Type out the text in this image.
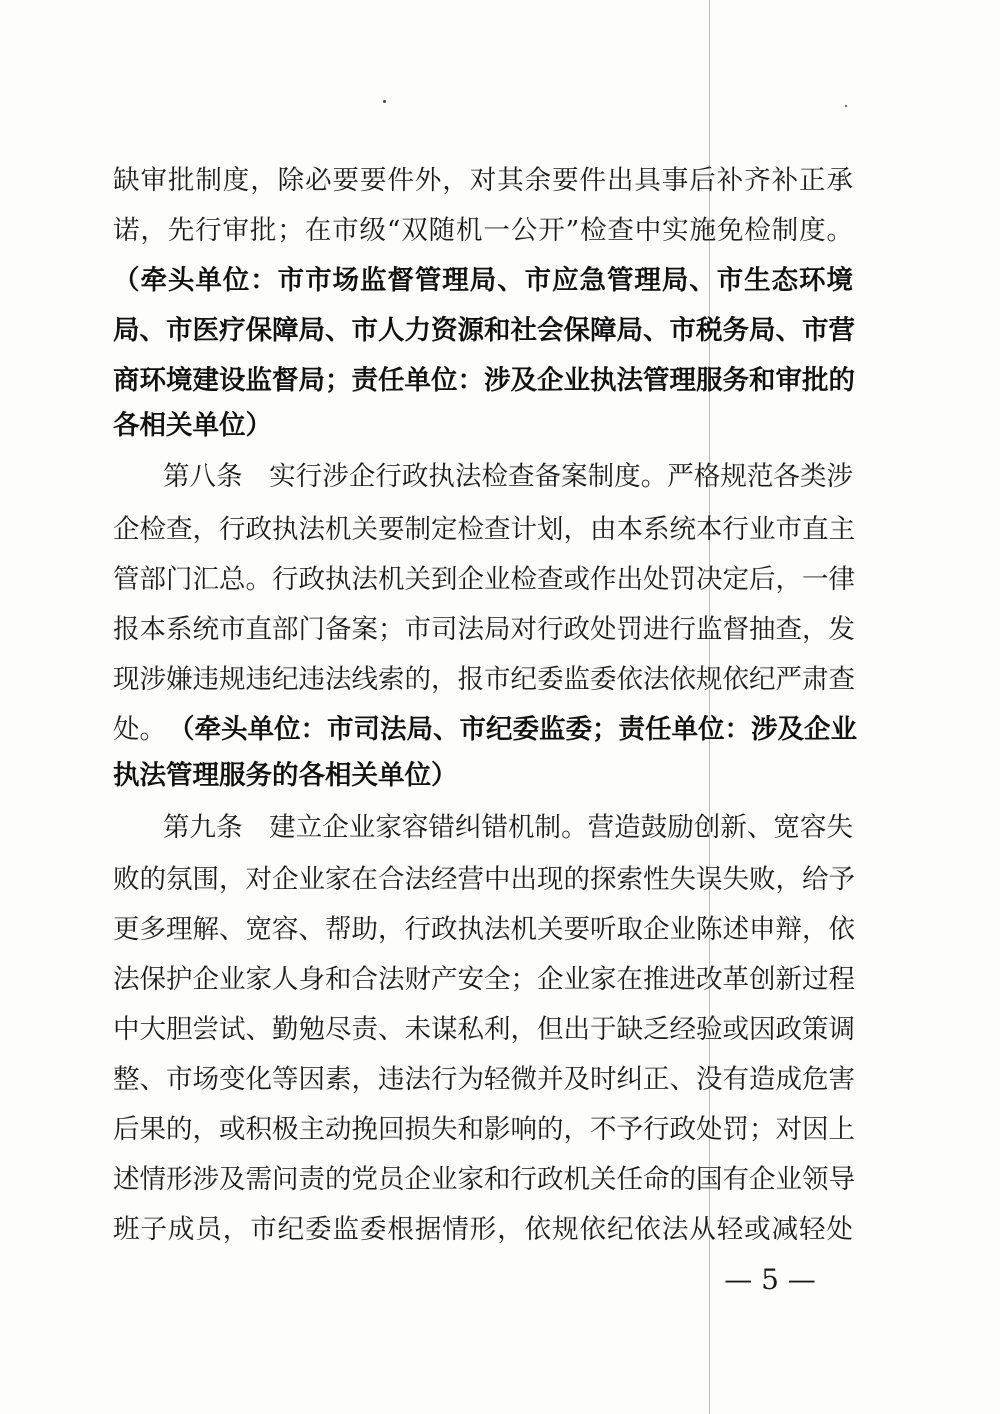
缺审批制度，除必要要件外，对其余要件出具事后补齐补正承
诺，先行审批；在市级“双随机一公开”检查中实施免检制度。
（牵头单位：市市场监督管理局、市应急管理局、市生态环境
局、市医疗保障局、市人力资源和社会保障局、市税务局、市营
商环境建设监督局；责任单位：涉及企业执法管理服务和审批的
各相关单位）
第八条　实行涉企行政执法检查备案制度。严格规范各类涉
企检查，行政执法机关要制定检查计划，由本系统本行业市直主
管部门汇总。行政执法机关到企业检查或作出处罚决定后，一律
报本系统市直部门备案；市司法局对行政处罚进行监督抽查，发
现涉嫌违规违纪违法线索的，报市纪委监委依法依规依纪严肃查
处。 （牵头单位：市司法局、市纪委监委；责任单位：涉及企业
执法管理服务的各相关单位）
第九条　建立企业家容错纠错机制。营造鼓励创新、宽容失
败的氛围，对企业家在合法经营中出现的探索性失误失败，给予
更多理解、宽容、帮助，行政执法机关要听取企业陈述申辩，依
法保护企业家人身和合法财产安全；企业家在推进改革创新过程
中大胆尝试、勤勉尽责、未谋私利，但出于缺乏经验或因政策调
整、市场变化等因素，违法行为轻微并及时纠正、没有造成危害
后果的，或积极主动挽回损失和影响的，不予行政处罚；对因上
述情形涉及需问责的党员企业家和行政机关任命的国有企业领导
班子成员，市纪委监委根据情形，依规依纪依法从轻或减轻处
— 5 —
